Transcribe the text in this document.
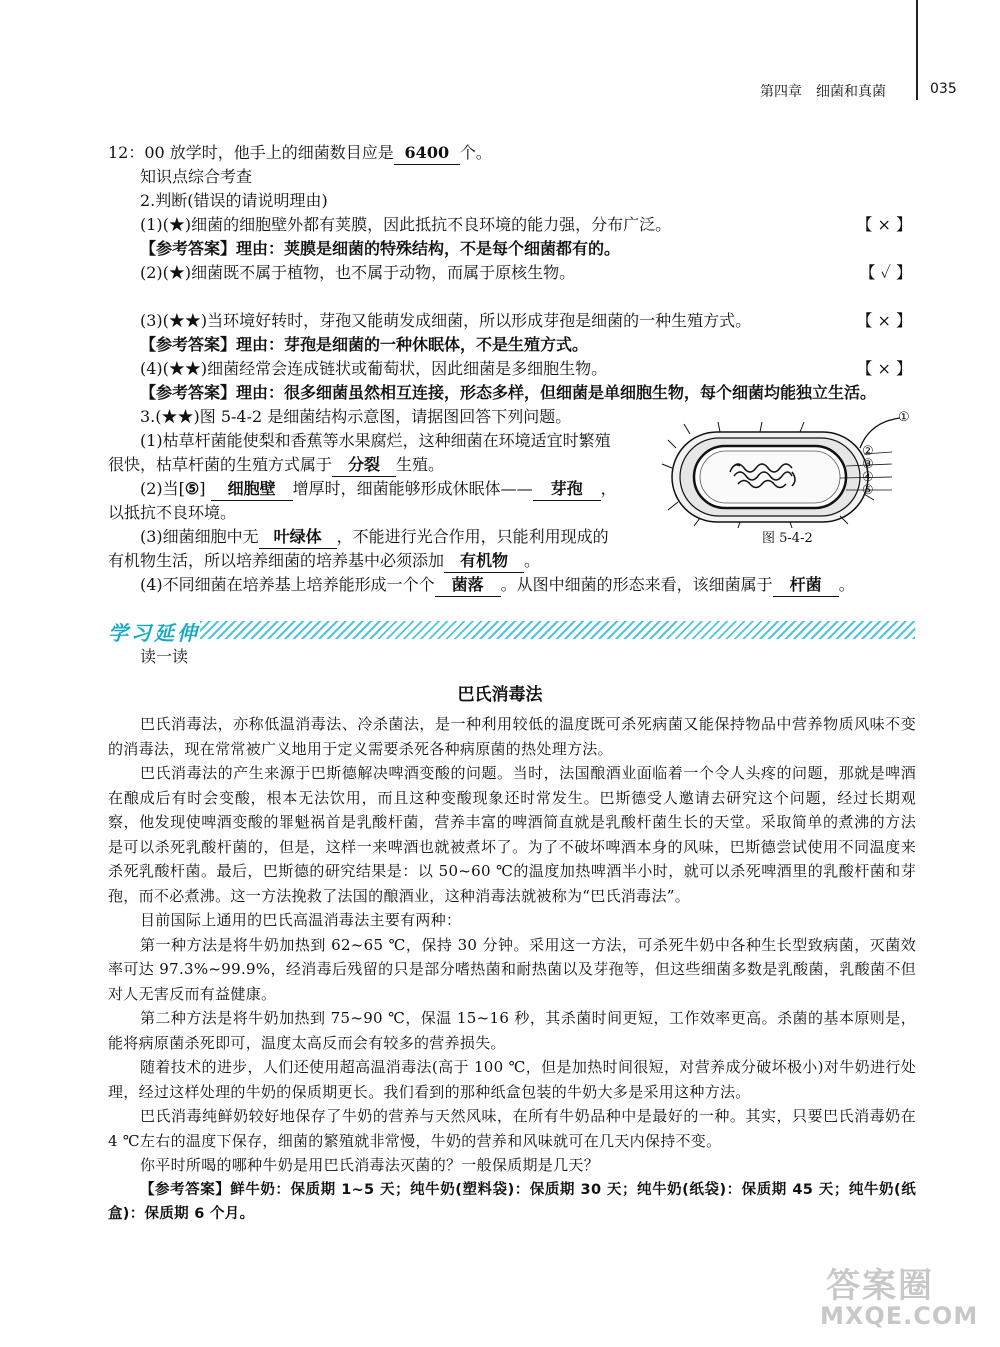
第四章　细菌和真菌	035
12：00 放学时，他手上的细菌数目应是 6400 个。
知识点综合考查
2.判断(错误的请说明理由)
(1)(★)细菌的细胞壁外都有荚膜，因此抵抗不良环境的能力强，分布广泛。	【 × 】
【参考答案】理由：荚膜是细菌的特殊结构，不是每个细菌都有的。
(2)(★)细菌既不属于植物，也不属于动物，而属于原核生物。	【 ✓ 】
(3)(★★)当环境好转时，芽孢又能萌发成细菌，所以形成芽孢是细菌的一种生殖方式。	【 × 】
【参考答案】理由：芽孢是细菌的一种休眠体，不是生殖方式。
(4)(★★)细菌经常会连成链状或葡萄状，因此细菌是多细胞生物。	【 × 】
【参考答案】理由：很多细菌虽然相互连接，形态多样，但细菌是单细胞生物，每个细菌均能独立生活。
3.(★★)图 5-4-2 是细菌结构示意图，请据图回答下列问题。
(1)枯草杆菌能使梨和香蕉等水果腐烂，这种细菌在环境适宜时繁殖
很快，枯草杆菌的生殖方式属于 分裂 生殖。
(2)当[⑤] 细胞壁 增厚时，细菌能够形成休眠体—— 芽孢 ，
以抵抗不良环境。
(3)细菌细胞中无 叶绿体 ，不能进行光合作用，只能利用现成的
有机物生活，所以培养细菌的培养基中必须添加 有机物 。
(4)不同细菌在培养基上培养能形成一个个 菌落 。从图中细菌的形态来看，该细菌属于 杆菌 。
①
②
③
④
⑤
图 5-4-2
学习延伸
读一读
巴氏消毒法

巴氏消毒法，亦称低温消毒法、冷杀菌法，是一种利用较低的温度既可杀死病菌又能保持物品中营养物质风味不变的消毒法，现在常常被广义地用于定义需要杀死各种病原菌的热处理方法。

巴氏消毒法的产生来源于巴斯德解决啤酒变酸的问题。当时，法国酿酒业面临着一个令人头疼的问题，那就是啤酒在酿成后有时会变酸，根本无法饮用，而且这种变酸现象还时常发生。巴斯德受人邀请去研究这个问题，经过长期观察，他发现使啤酒变酸的罪魁祸首是乳酸杆菌，营养丰富的啤酒简直就是乳酸杆菌生长的天堂。采取简单的煮沸的方法是可以杀死乳酸杆菌的，但是，这样一来啤酒也就被煮坏了。为了不破坏啤酒本身的风味，巴斯德尝试使用不同温度来杀死乳酸杆菌。最后，巴斯德的研究结果是：以 50~60 ℃的温度加热啤酒半小时，就可以杀死啤酒里的乳酸杆菌和芽孢，而不必煮沸。这一方法挽救了法国的酿酒业，这种消毒法就被称为“巴氏消毒法”。

目前国际上通用的巴氏高温消毒法主要有两种：

第一种方法是将牛奶加热到 62~65 ℃，保持 30 分钟。采用这一方法，可杀死牛奶中各种生长型致病菌，灭菌效率可达 97.3%~99.9%，经消毒后残留的只是部分嗜热菌和耐热菌以及芽孢等，但这些细菌多数是乳酸菌，乳酸菌不但对人无害反而有益健康。

第二种方法是将牛奶加热到 75~90 ℃，保温 15~16 秒，其杀菌时间更短，工作效率更高。杀菌的基本原则是，能将病原菌杀死即可，温度太高反而会有较多的营养损失。

随着技术的进步，人们还使用超高温消毒法(高于 100 ℃，但是加热时间很短，对营养成分破坏极小)对牛奶进行处理，经过这样处理的牛奶的保质期更长。我们看到的那种纸盒包装的牛奶大多是采用这种方法。

巴氏消毒纯鲜奶较好地保存了牛奶的营养与天然风味，在所有牛奶品种中是最好的一种。其实，只要巴氏消毒奶在 4 ℃左右的温度下保存，细菌的繁殖就非常慢，牛奶的营养和风味就可在几天内保持不变。

你平时所喝的哪种牛奶是用巴氏消毒法灭菌的？一般保质期是几天？

【参考答案】鲜牛奶：保质期 1~5 天；纯牛奶(塑料袋)：保质期 30 天；纯牛奶(纸袋)：保质期 45 天；纯牛奶(纸盒)：保质期 6 个月。

答案圈
MXQE.COM
